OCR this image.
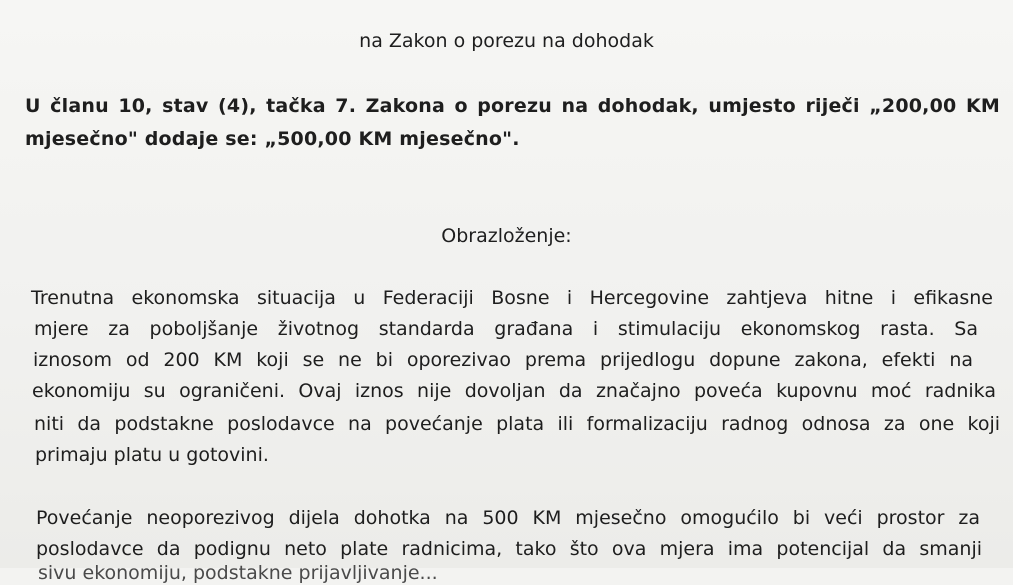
na Zakon o porezu na dohodak
U članu 10, stav (4), tačka 7. Zakona o porezu na dohodak, umjesto riječi „200,00 KM
mjesečno" dodaje se: „500,00 KM mjesečno".
Obrazloženje:
Trenutna ekonomska situacija u Federaciji Bosne i Hercegovine zahtjeva hitne i efikasne
mjere za poboljšanje životnog standarda građana i stimulaciju ekonomskog rasta. Sa
iznosom od 200 KM koji se ne bi oporezivao prema prijedlogu dopune zakona, efekti na
ekonomiju su ograničeni. Ovaj iznos nije dovoljan da značajno poveća kupovnu moć radnika
niti da podstakne poslodavce na povećanje plata ili formalizaciju radnog odnosa za one koji
primaju platu u gotovini.
Povećanje neoporezivog dijela dohotka na 500 KM mjesečno omogućilo bi veći prostor za
poslodavce da podignu neto plate radnicima, tako što ova mjera ima potencijal da smanji
sivu ekonomiju, podstakne prijavljivanje...
